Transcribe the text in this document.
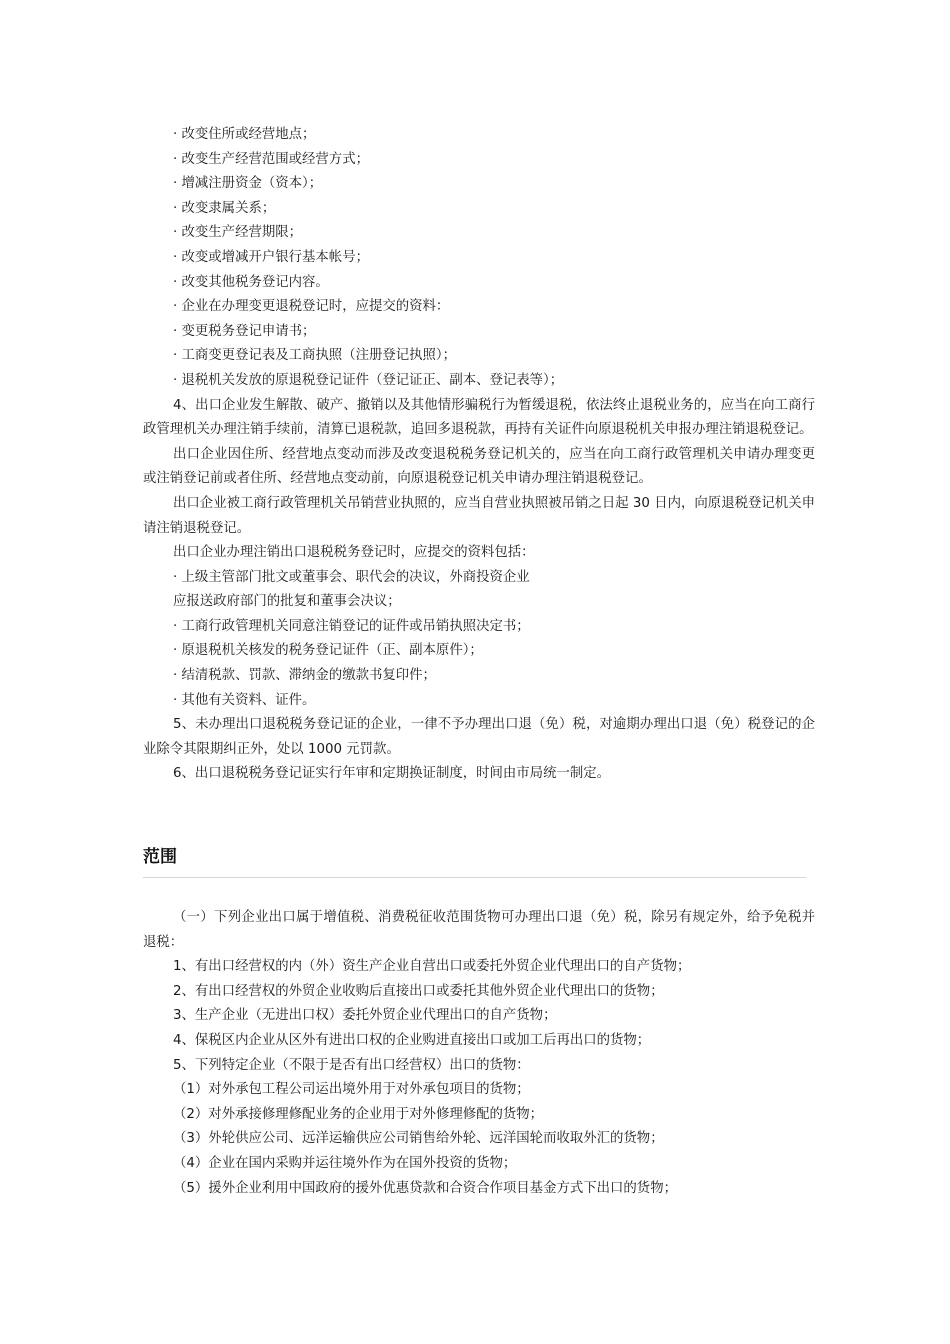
· 改变住所或经营地点；
· 改变生产经营范围或经营方式；
· 增减注册资金（资本）；
· 改变隶属关系；
· 改变生产经营期限；
· 改变或增减开户银行基本帐号；
· 改变其他税务登记内容。
· 企业在办理变更退税登记时，应提交的资料：
· 变更税务登记申请书；
· 工商变更登记表及工商执照（注册登记执照）；
· 退税机关发放的原退税登记证件（登记证正、副本、登记表等）；
4、出口企业发生解散、破产、撤销以及其他情形骗税行为暂缓退税，依法终止退税业务的，应当在向工商行政管理机关办理注销手续前，清算已退税款，追回多退税款，再持有关证件向原退税机关申报办理注销退税登记。
出口企业因住所、经营地点变动而涉及改变退税税务登记机关的，应当在向工商行政管理机关申请办理变更或注销登记前或者住所、经营地点变动前，向原退税登记机关申请办理注销退税登记。
出口企业被工商行政管理机关吊销营业执照的，应当自营业执照被吊销之日起 30 日内，向原退税登记机关申请注销退税登记。
出口企业办理注销出口退税税务登记时，应提交的资料包括：
· 上级主管部门批文或董事会、职代会的决议，外商投资企业
应报送政府部门的批复和董事会决议；
· 工商行政管理机关同意注销登记的证件或吊销执照决定书；
· 原退税机关核发的税务登记证件（正、副本原件）；
· 结清税款、罚款、滞纳金的缴款书复印件；
· 其他有关资料、证件。
5、未办理出口退税税务登记证的企业，一律不予办理出口退（免）税，对逾期办理出口退（免）税登记的企业除令其限期纠正外，处以 1000 元罚款。
6、出口退税税务登记证实行年审和定期换证制度，时间由市局统一制定。
范围
（一）下列企业出口属于增值税、消费税征收范围货物可办理出口退（免）税，除另有规定外，给予免税并退税：
1、有出口经营权的内（外）资生产企业自营出口或委托外贸企业代理出口的自产货物；
2、有出口经营权的外贸企业收购后直接出口或委托其他外贸企业代理出口的货物；
3、生产企业（无进出口权）委托外贸企业代理出口的自产货物；
4、保税区内企业从区外有进出口权的企业购进直接出口或加工后再出口的货物；
5、下列特定企业（不限于是否有出口经营权）出口的货物：
（1）对外承包工程公司运出境外用于对外承包项目的货物；
（2）对外承接修理修配业务的企业用于对外修理修配的货物；
（3）外轮供应公司、远洋运输供应公司销售给外轮、远洋国轮而收取外汇的货物；
（4）企业在国内采购并运往境外作为在国外投资的货物；
（5）援外企业利用中国政府的援外优惠贷款和合资合作项目基金方式下出口的货物；
